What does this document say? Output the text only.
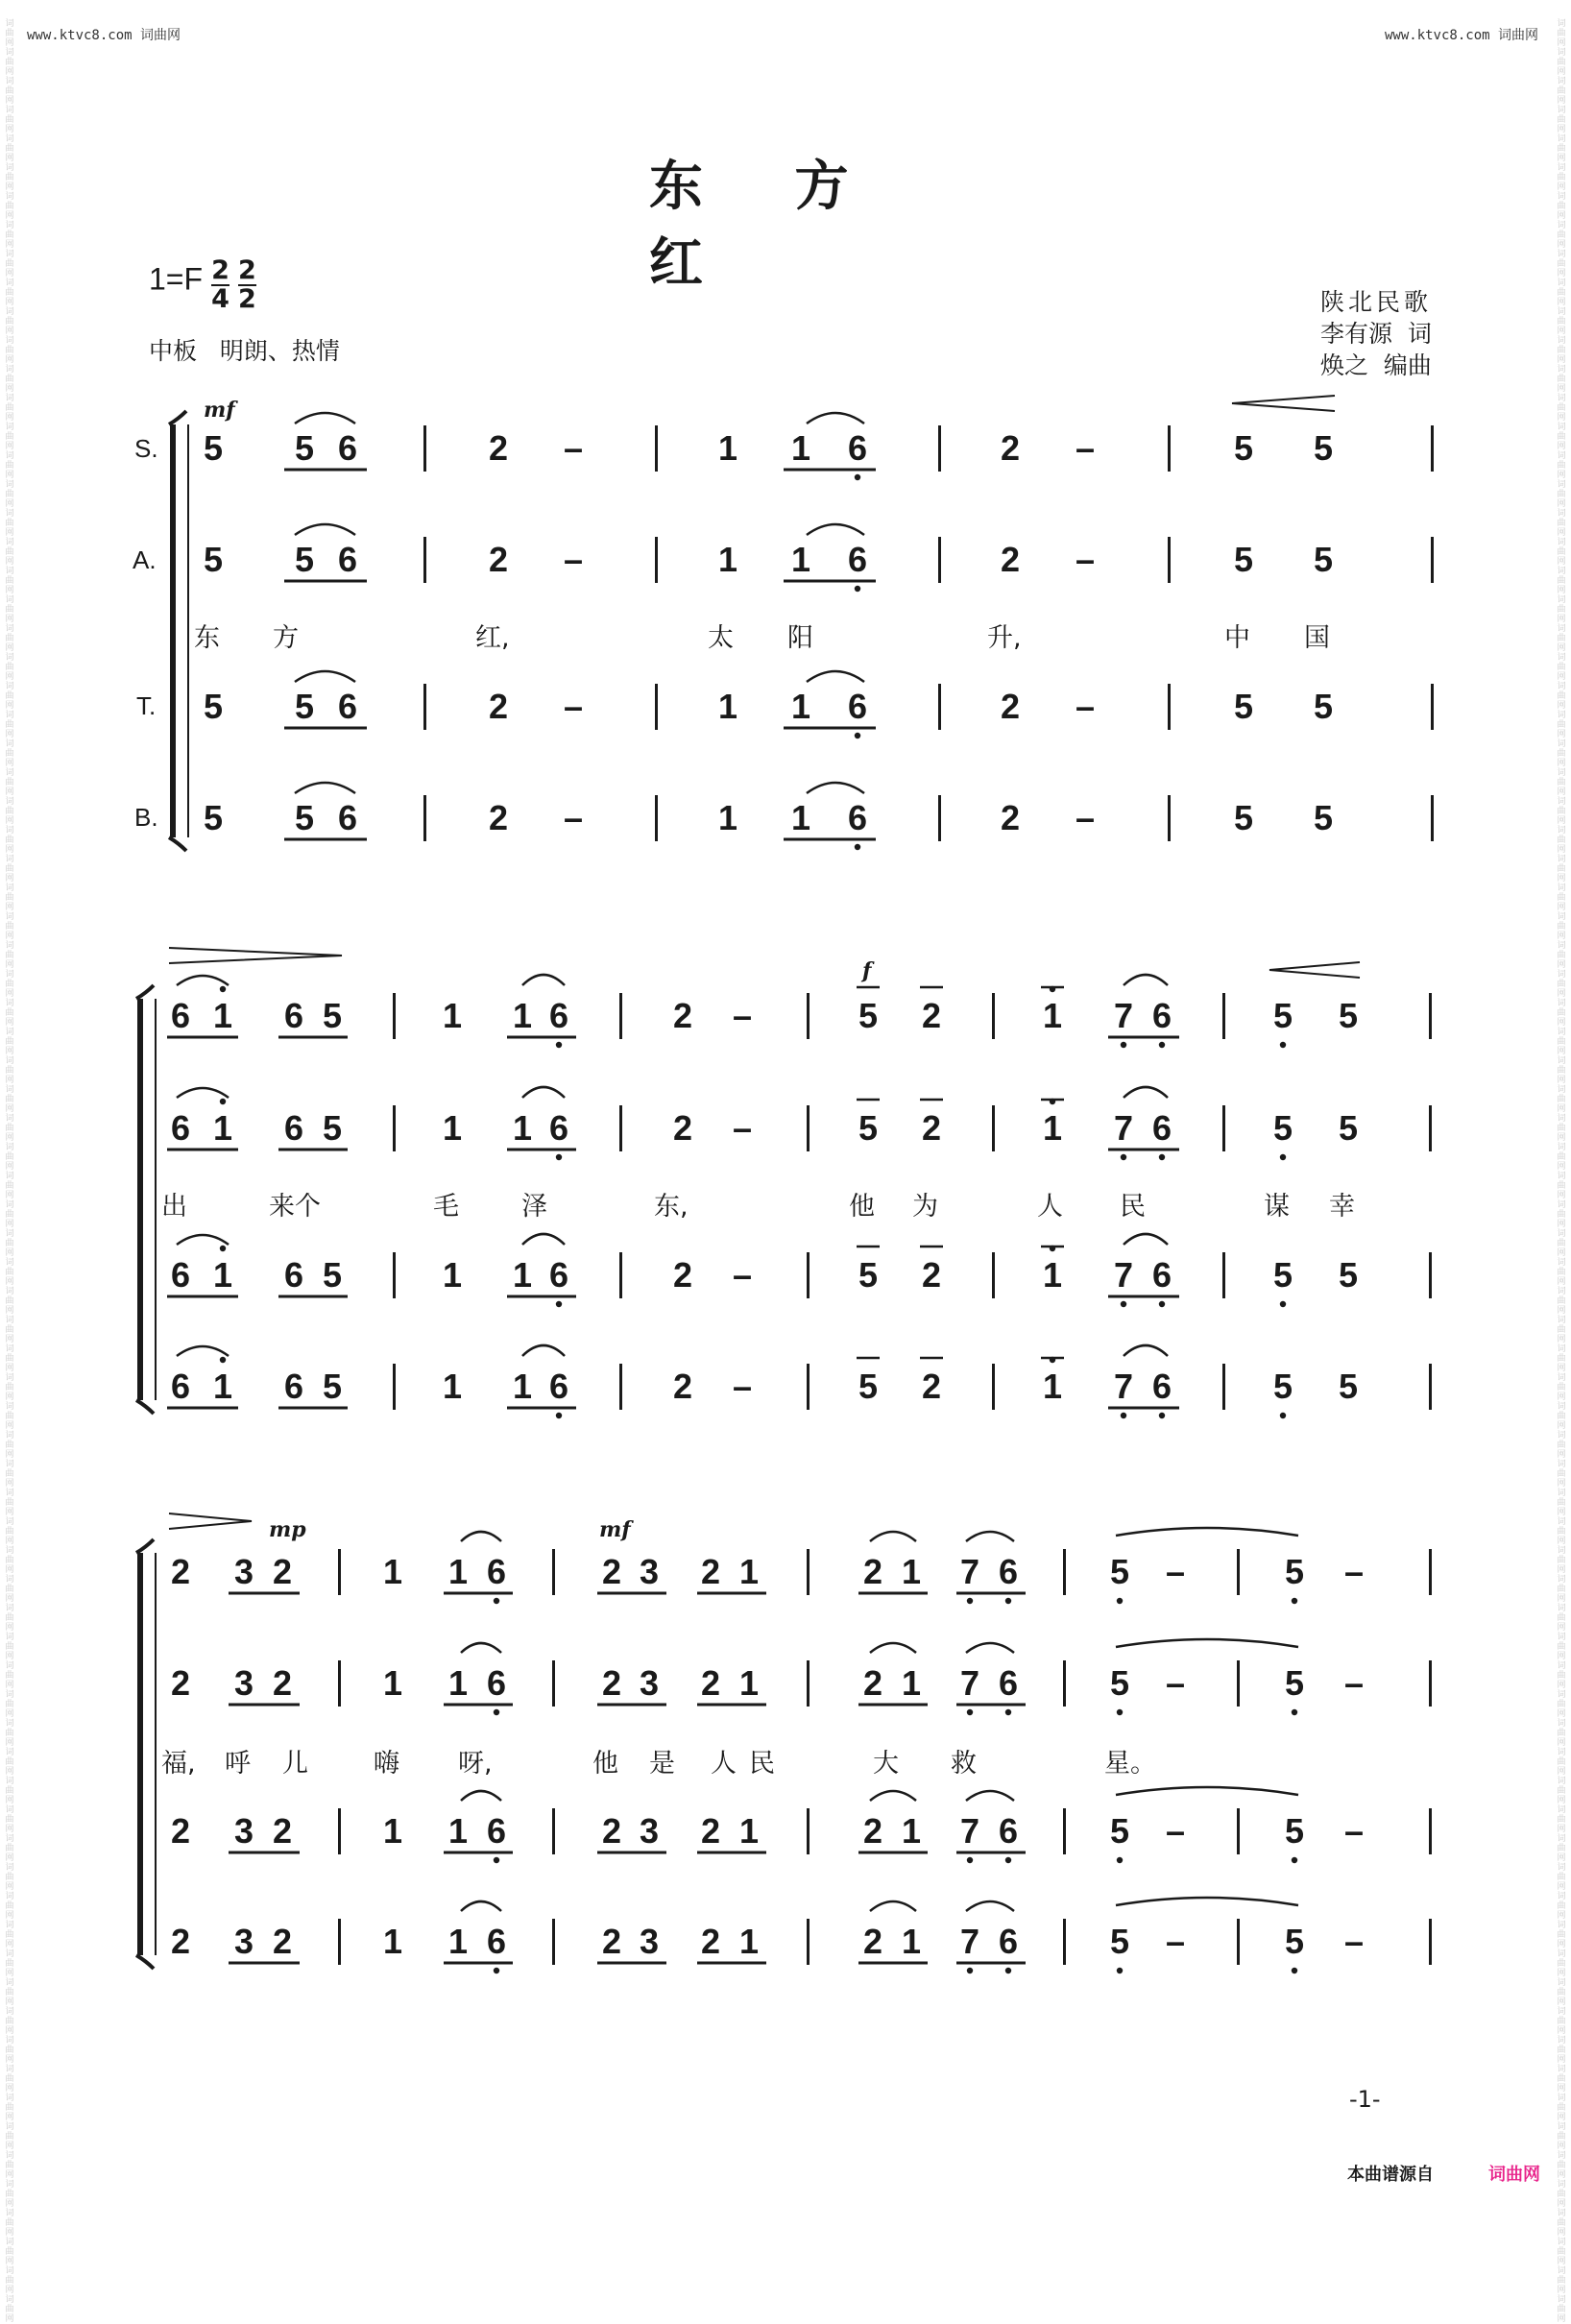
www.ktvc8.com 词曲网	www.ktvc8.com 词曲网
词曲网词曲网词曲网词曲网词曲网词曲网词曲网词曲网词曲网词曲网词曲网词曲网词曲网词曲网词曲网词曲网词曲网词曲网词曲网词曲网词曲网词曲网词曲网词曲网词曲网词曲网词曲网词曲网词曲网词曲网词曲网词曲网词曲网词曲网词曲网词曲网词曲网词曲网词曲网词曲网词曲网词曲网词曲网词曲网词曲网词曲网词曲网词曲网词曲网词曲网词曲网词曲网词曲网词曲网词曲网词曲网词曲网词曲网词曲网词曲网词曲网词曲网词曲网词曲网词曲网词曲网词曲网词曲网词曲网词曲网词曲网词曲网词曲网词曲网词曲网词曲网词曲网词曲网词曲网词曲网
词曲网词曲网词曲网词曲网词曲网词曲网词曲网词曲网词曲网词曲网词曲网词曲网词曲网词曲网词曲网词曲网词曲网词曲网词曲网词曲网词曲网词曲网词曲网词曲网词曲网词曲网词曲网词曲网词曲网词曲网词曲网词曲网词曲网词曲网词曲网词曲网词曲网词曲网词曲网词曲网词曲网词曲网词曲网词曲网词曲网词曲网词曲网词曲网词曲网词曲网词曲网词曲网词曲网词曲网词曲网词曲网词曲网词曲网词曲网词曲网词曲网词曲网词曲网词曲网词曲网词曲网词曲网词曲网词曲网词曲网词曲网词曲网词曲网词曲网词曲网词曲网词曲网词曲网词曲网词曲网
东 方 红
$1=F \frac{2}{4}$
$\frac{2}{2}$
中板   明朗、热情
陕北民歌
李有源  词
焕之  编曲
S.
A.
T.
B.
mf
f
mp	mf
5 5 6	2 –	1 1 6	2 –	5 5
5 5 6	2 –	1 1 6	2 –	5 5
5 5 6	2 –	1 1 6	2 –	5 5
5 5 6	2 –	1 1 6	2 –	5 5
东 方	红,	太 阳	升,	中 国
6 1 6 5	1 1 6	2 –	5 2	1 7 6	5 5
6 1 6 5	1 1 6	2 –	5 2	1 7 6	5 5
6 1 6 5	1 1 6	2 –	5 2	1 7 6	5 5
6 1 6 5	1 1 6	2 –	5 2	1 7 6	5 5
出	来个	毛 泽	东,	他 为	人 民	谋 幸
2 3 2	1 1 6	2 3 2 1	2 1 7 6	5 –	5 –
2 3 2	1 1 6	2 3 2 1	2 1 7 6	5 –	5 –
2 3 2	1 1 6	2 3 2 1	2 1 7 6	5 –	5 –
2 3 2	1 1 6	2 3 2 1	2 1 7 6	5 –	5 –
福, 呼 儿	嗨 呀,	他 是 人 民	大 救	星。
-1-
本曲谱源自	词曲网
